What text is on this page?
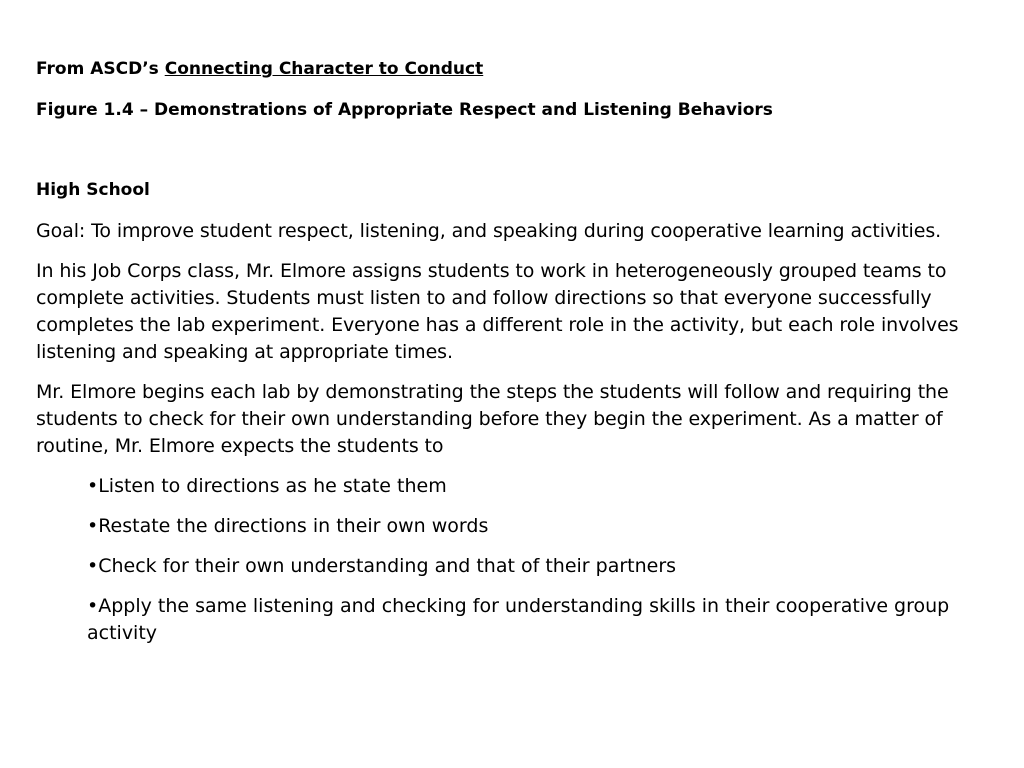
From ASCD’s Connecting Character to Conduct
Figure 1.4 – Demonstrations of Appropriate Respect and Listening Behaviors
High School

Goal: To improve student respect, listening, and speaking during cooperative learning activities.

In his Job Corps class, Mr. Elmore assigns students to work in heterogeneously grouped teams to complete activities. Students must listen to and follow directions so that everyone successfully completes the lab experiment. Everyone has a different role in the activity, but each role involves listening and speaking at appropriate times.

Mr. Elmore begins each lab by demonstrating the steps the students will follow and requiring the students to check for their own understanding before they begin the experiment. As a matter of routine, Mr. Elmore expects the students to

•Listen to directions as he state them
•Restate the directions in their own words
•Check for their own understanding and that of their partners
•Apply the same listening and checking for understanding skills in their cooperative group activity
